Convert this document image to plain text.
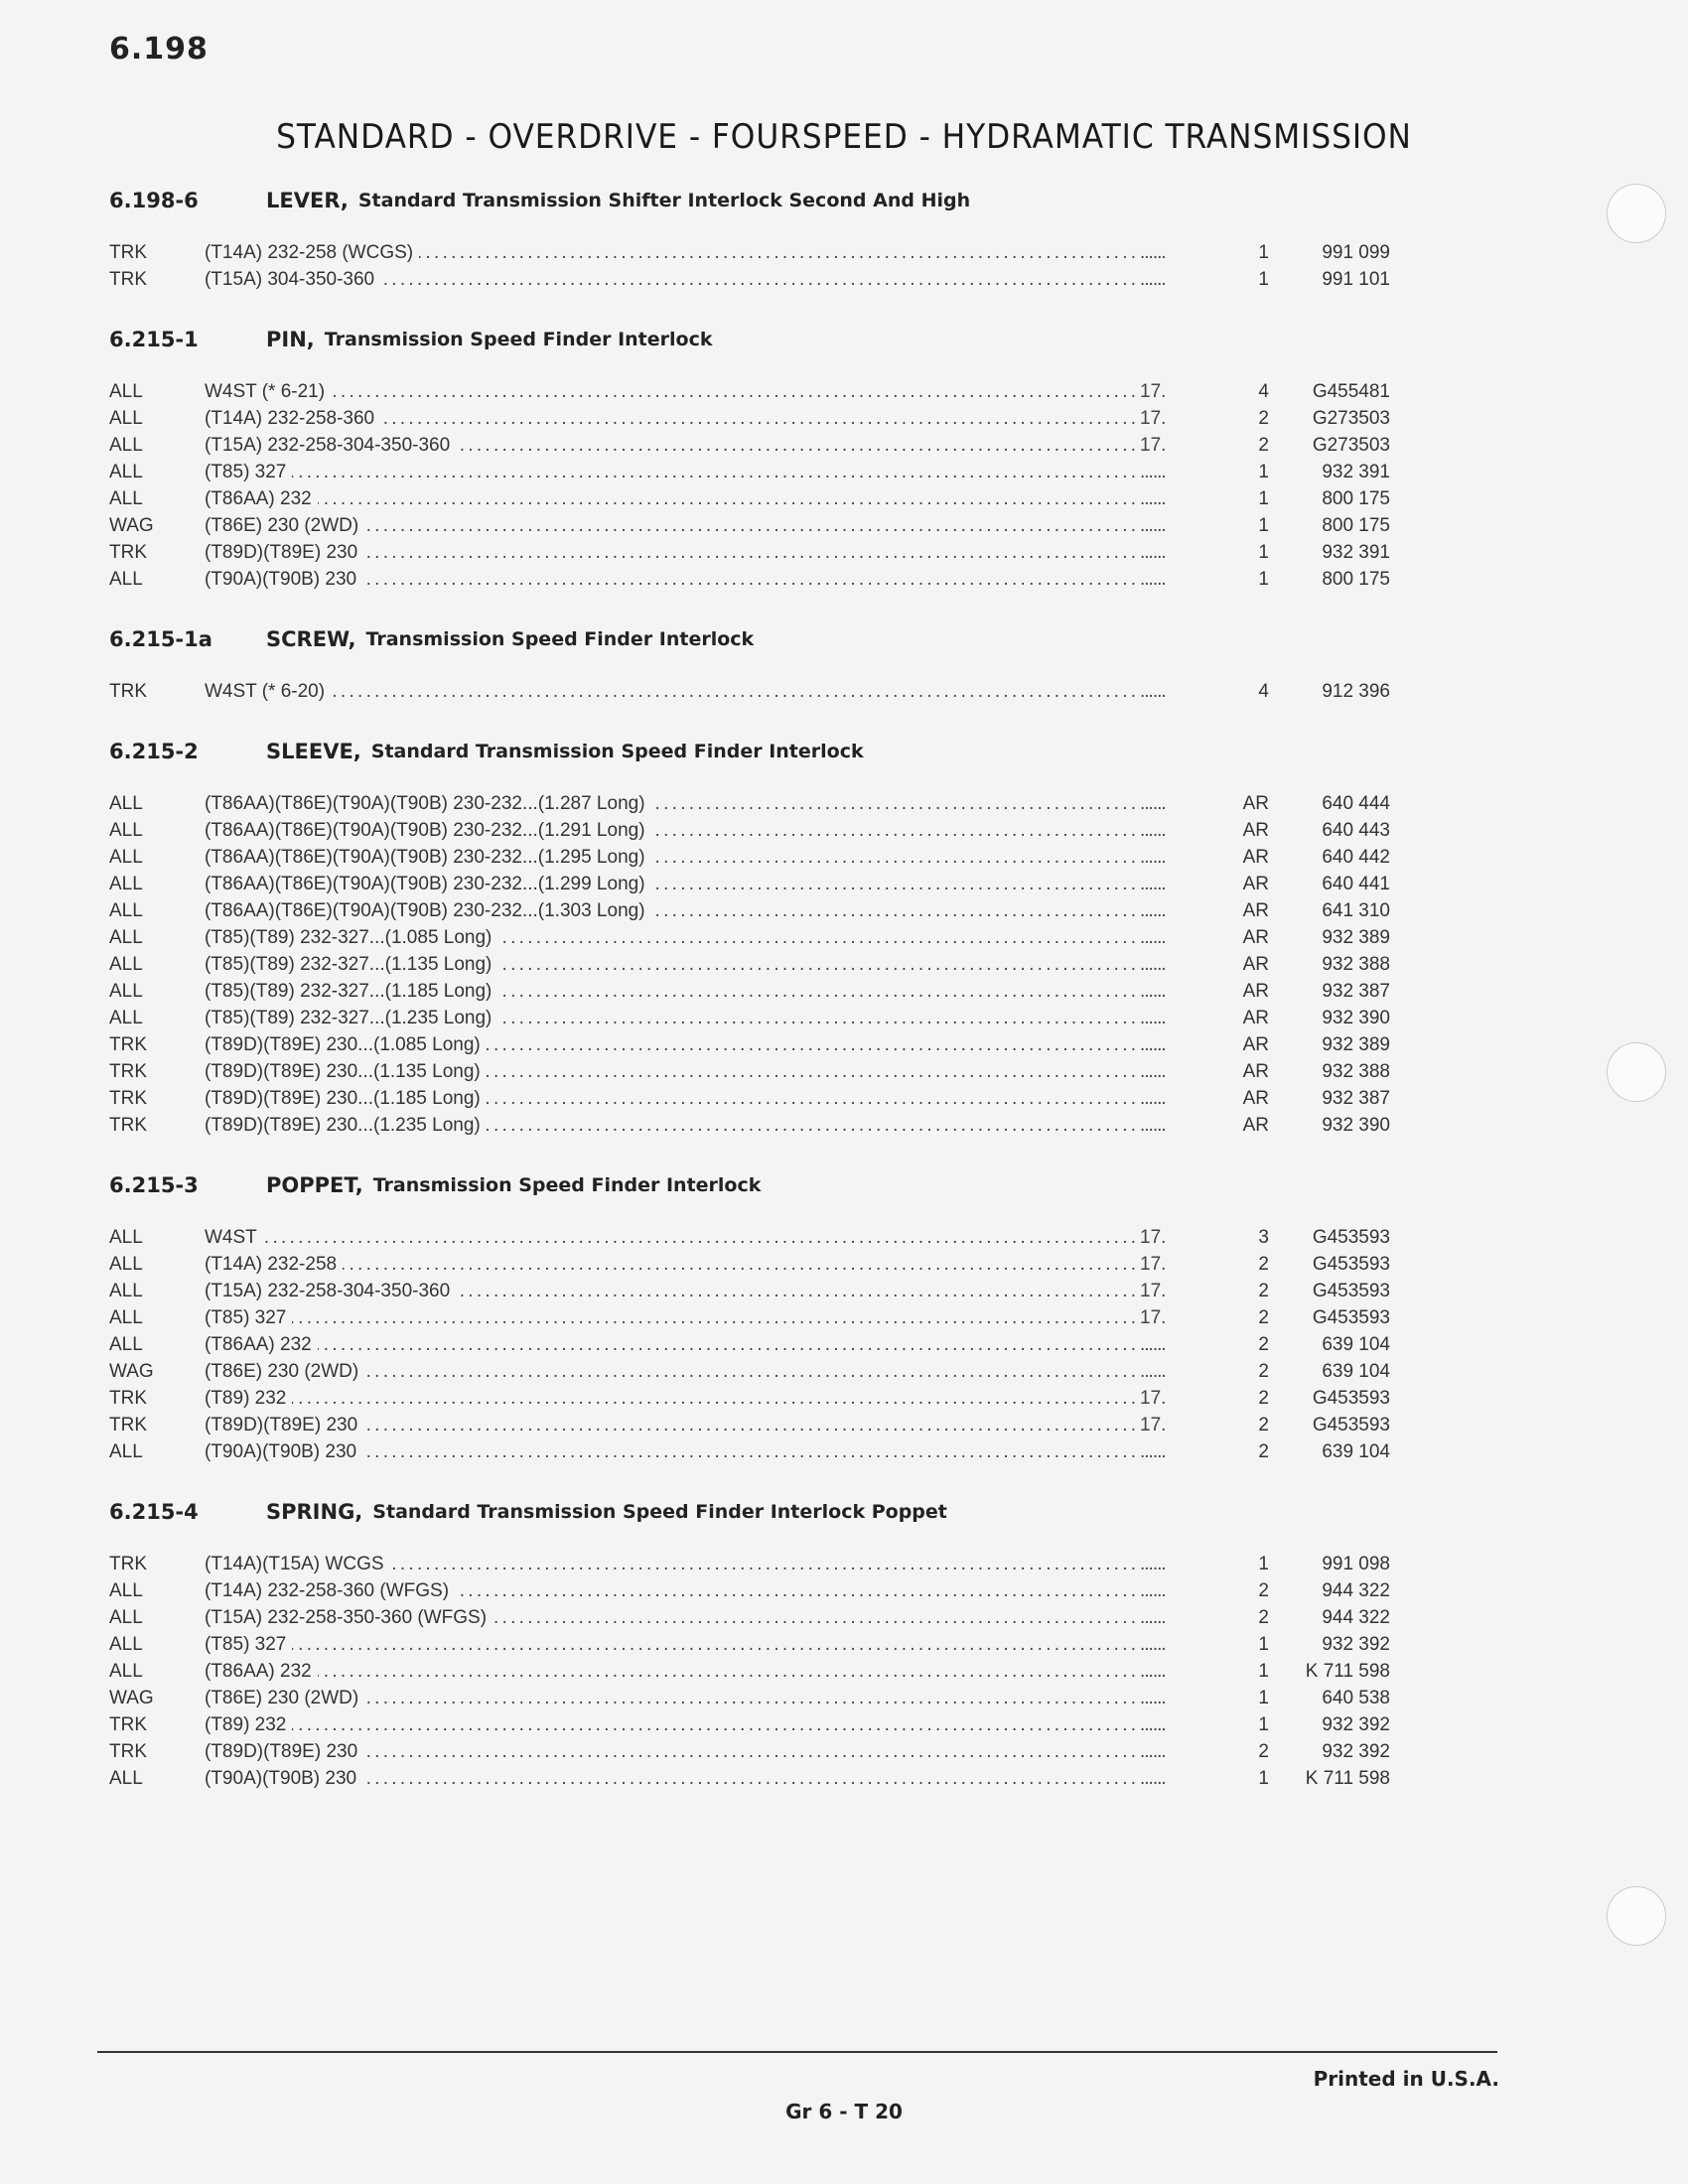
6.198
STANDARD - OVERDRIVE - FOURSPEED - HYDRAMATIC TRANSMISSION
6.198-6	LEVER, Standard Transmission Shifter Interlock Second And High
TRK	(T14A) 232-258 (WCGS) . . .	......	1	991 099
TRK	(T15A) 304-350-360 . . .	......	1	991 101
6.215-1	PIN, Transmission Speed Finder Interlock
ALL	W4ST (* 6-21) . . .	17.	4	G455481
ALL	(T14A) 232-258-360 . . .	17.	2	G273503
ALL	(T15A) 232-258-304-350-360 . . .	17.	2	G273503
ALL	(T85) 327 . . .	......	1	932 391
ALL	(T86AA) 232 . . .	......	1	800 175
WAG	(T86E) 230 (2WD) . . .	......	1	800 175
TRK	(T89D)(T89E) 230 . . .	......	1	932 391
ALL	(T90A)(T90B) 230 . . .	......	1	800 175
6.215-1a	SCREW, Transmission Speed Finder Interlock
TRK	W4ST (* 6-20) . . .	......	4	912 396
6.215-2	SLEEVE, Standard Transmission Speed Finder Interlock
ALL	(T86AA)(T86E)(T90A)(T90B) 230-232...(1.287 Long) . . .	......	AR	640 444
ALL	(T86AA)(T86E)(T90A)(T90B) 230-232...(1.291 Long) . . .	......	AR	640 443
ALL	(T86AA)(T86E)(T90A)(T90B) 230-232...(1.295 Long) . . .	......	AR	640 442
ALL	(T86AA)(T86E)(T90A)(T90B) 230-232...(1.299 Long) . . .	......	AR	640 441
ALL	(T86AA)(T86E)(T90A)(T90B) 230-232...(1.303 Long) . . .	......	AR	641 310
ALL	(T85)(T89) 232-327...(1.085 Long) . . .	......	AR	932 389
ALL	(T85)(T89) 232-327...(1.135 Long) . . .	......	AR	932 388
ALL	(T85)(T89) 232-327...(1.185 Long) . . .	......	AR	932 387
ALL	(T85)(T89) 232-327...(1.235 Long) . . .	......	AR	932 390
TRK	(T89D)(T89E) 230...(1.085 Long) . . .	......	AR	932 389
TRK	(T89D)(T89E) 230...(1.135 Long) . . .	......	AR	932 388
TRK	(T89D)(T89E) 230...(1.185 Long) . . .	......	AR	932 387
TRK	(T89D)(T89E) 230...(1.235 Long) . . .	......	AR	932 390
6.215-3	POPPET, Transmission Speed Finder Interlock
ALL	W4ST . . .	17.	3	G453593
ALL	(T14A) 232-258 . . .	17.	2	G453593
ALL	(T15A) 232-258-304-350-360 . . .	17.	2	G453593
ALL	(T85) 327 . . .	17.	2	G453593
ALL	(T86AA) 232 . . .	......	2	639 104
WAG	(T86E) 230 (2WD) . . .	......	2	639 104
TRK	(T89) 232 . . .	17.	2	G453593
TRK	(T89D)(T89E) 230 . . .	17.	2	G453593
ALL	(T90A)(T90B) 230 . . .	......	2	639 104
6.215-4	SPRING, Standard Transmission Speed Finder Interlock Poppet
TRK	(T14A)(T15A) WCGS . . .	......	1	991 098
ALL	(T14A) 232-258-360 (WFGS) . . .	......	2	944 322
ALL	(T15A) 232-258-350-360 (WFGS) . . .	......	2	944 322
ALL	(T85) 327 . . .	......	1	932 392
ALL	(T86AA) 232 . . .	......	1	K 711 598
WAG	(T86E) 230 (2WD) . . .	......	1	640 538
TRK	(T89) 232 . . .	......	1	932 392
TRK	(T89D)(T89E) 230 . . .	......	2	932 392
ALL	(T90A)(T90B) 230 . . .	......	1	K 711 598
Printed in U.S.A.
Gr 6 - T 20
